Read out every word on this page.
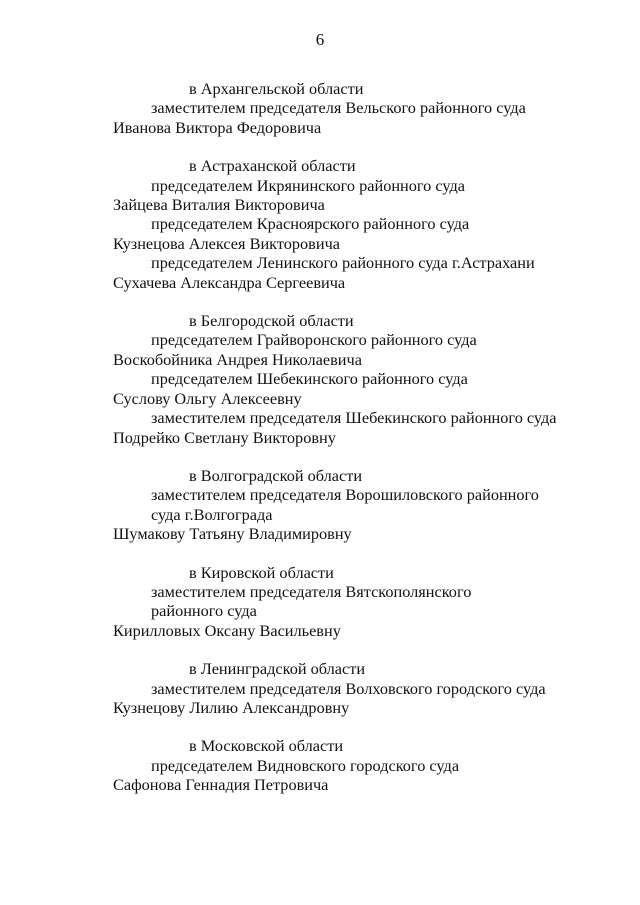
6
в Архангельской области
заместителем председателя Вельского районного суда
Иванова Виктора Федоровича
в Астраханской области
председателем Икрянинского районного суда
Зайцева Виталия Викторовича
председателем Красноярского районного суда
Кузнецова Алексея Викторовича
председателем Ленинского районного суда г.Астрахани
Сухачева Александра Сергеевича
в Белгородской области
председателем Грайворонского районного суда
Воскобойника Андрея Николаевича
председателем Шебекинского районного суда
Суслову Ольгу Алексеевну
заместителем председателя Шебекинского районного суда
Подрейко Светлану Викторовну
в Волгоградской области
заместителем председателя Ворошиловского районного
суда г.Волгограда
Шумакову Татьяну Владимировну
в Кировской области
заместителем председателя Вятскополянского
районного суда
Кирилловых Оксану Васильевну
в Ленинградской области
заместителем председателя Волховского городского суда
Кузнецову Лилию Александровну
в Московской области
председателем Видновского городского суда
Сафонова Геннадия Петровича
